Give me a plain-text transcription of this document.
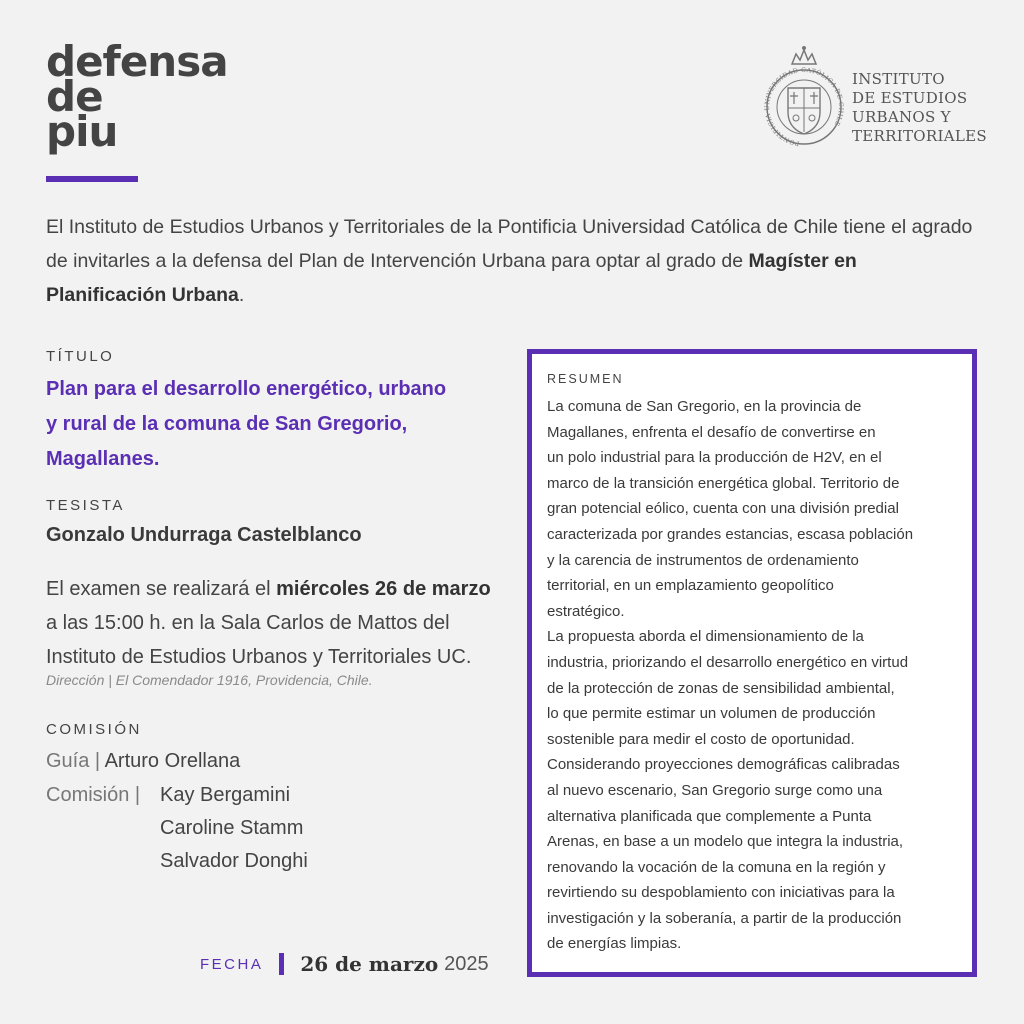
defensa
de
piu	PONTIFICIA UNIVERSIDAD CATÓLICA DE CHILE
INSTITUTO
DE ESTUDIOS
URBANOS Y
TERRITORIALES
El Instituto de Estudios Urbanos y Territoriales de la Pontificia Universidad Católica de Chile tiene el agrado de invitarles a la defensa del Plan de Intervención Urbana para optar al grado de Magíster en Planificación Urbana.
TÍTULO
Plan para el desarrollo energético, urbano
y rural de la comuna de San Gregorio,
Magallanes.
TESISTA
Gonzalo Undurraga Castelblanco
El examen se realizará el miércoles 26 de marzo
a las 15:00 h. en la Sala Carlos de Mattos del
Instituto de Estudios Urbanos y Territoriales UC.
Dirección | El Comendador 1916, Providencia, Chile.
COMISIÓN
Guía | Arturo Orellana
Comisión | Kay Bergamini
Caroline Stamm
Salvador Donghi
RESUMEN
La comuna de San Gregorio, en la provincia de
Magallanes, enfrenta el desafío de convertirse en
un polo industrial para la producción de H2V, en el
marco de la transición energética global. Territorio de
gran potencial eólico, cuenta con una división predial
caracterizada por grandes estancias, escasa población
y la carencia de instrumentos de ordenamiento
territorial, en un emplazamiento geopolítico
estratégico.
La propuesta aborda el dimensionamiento de la
industria, priorizando el desarrollo energético en virtud
de la protección de zonas de sensibilidad ambiental,
lo que permite estimar un volumen de producción
sostenible para medir el costo de oportunidad.
Considerando proyecciones demográficas calibradas
al nuevo escenario, San Gregorio surge como una
alternativa planificada que complemente a Punta
Arenas, en base a un modelo que integra la industria,
renovando la vocación de la comuna en la región y
revirtiendo su despoblamiento con iniciativas para la
investigación y la soberanía, a partir de la producción
de energías limpias.
FECHA 26 de marzo 2025
